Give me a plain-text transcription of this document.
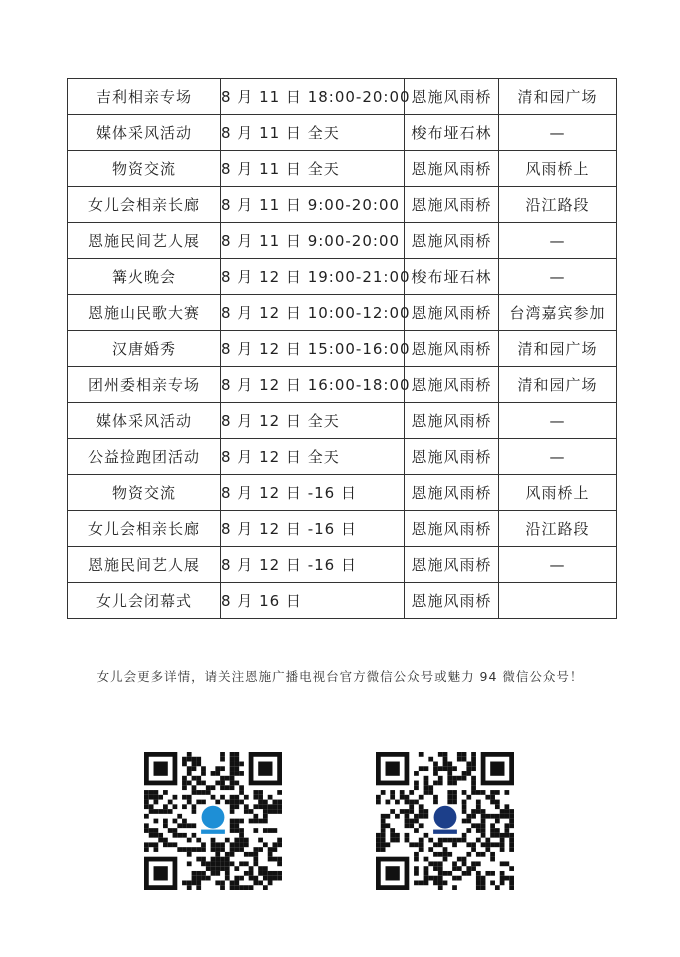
吉利相亲专场	8 月 11 日 18:00-20:00	恩施风雨桥	清和园广场
媒体采风活动	8 月 11 日 全天	梭布垭石林	—
物资交流	8 月 11 日 全天	恩施风雨桥	风雨桥上
女儿会相亲长廊	8 月 11 日 9:00-20:00	恩施风雨桥	沿江路段
恩施民间艺人展	8 月 11 日 9:00-20:00	恩施风雨桥	—
篝火晚会	8 月 12 日 19:00-21:00	梭布垭石林	—
恩施山民歌大赛	8 月 12 日 10:00-12:00	恩施风雨桥	台湾嘉宾参加
汉唐婚秀	8 月 12 日 15:00-16:00	恩施风雨桥	清和园广场
团州委相亲专场	8 月 12 日 16:00-18:00	恩施风雨桥	清和园广场
媒体采风活动	8 月 12 日 全天	恩施风雨桥	—
公益捡跑团活动	8 月 12 日 全天	恩施风雨桥	—
物资交流	8 月 12 日 -16 日	恩施风雨桥	风雨桥上
女儿会相亲长廊	8 月 12 日 -16 日	恩施风雨桥	沿江路段
恩施民间艺人展	8 月 12 日 -16 日	恩施风雨桥	—
女儿会闭幕式	8 月 16 日	恩施风雨桥	
女儿会更多详情，请关注恩施广播电视台官方微信公众号或魅力 94 微信公众号！
